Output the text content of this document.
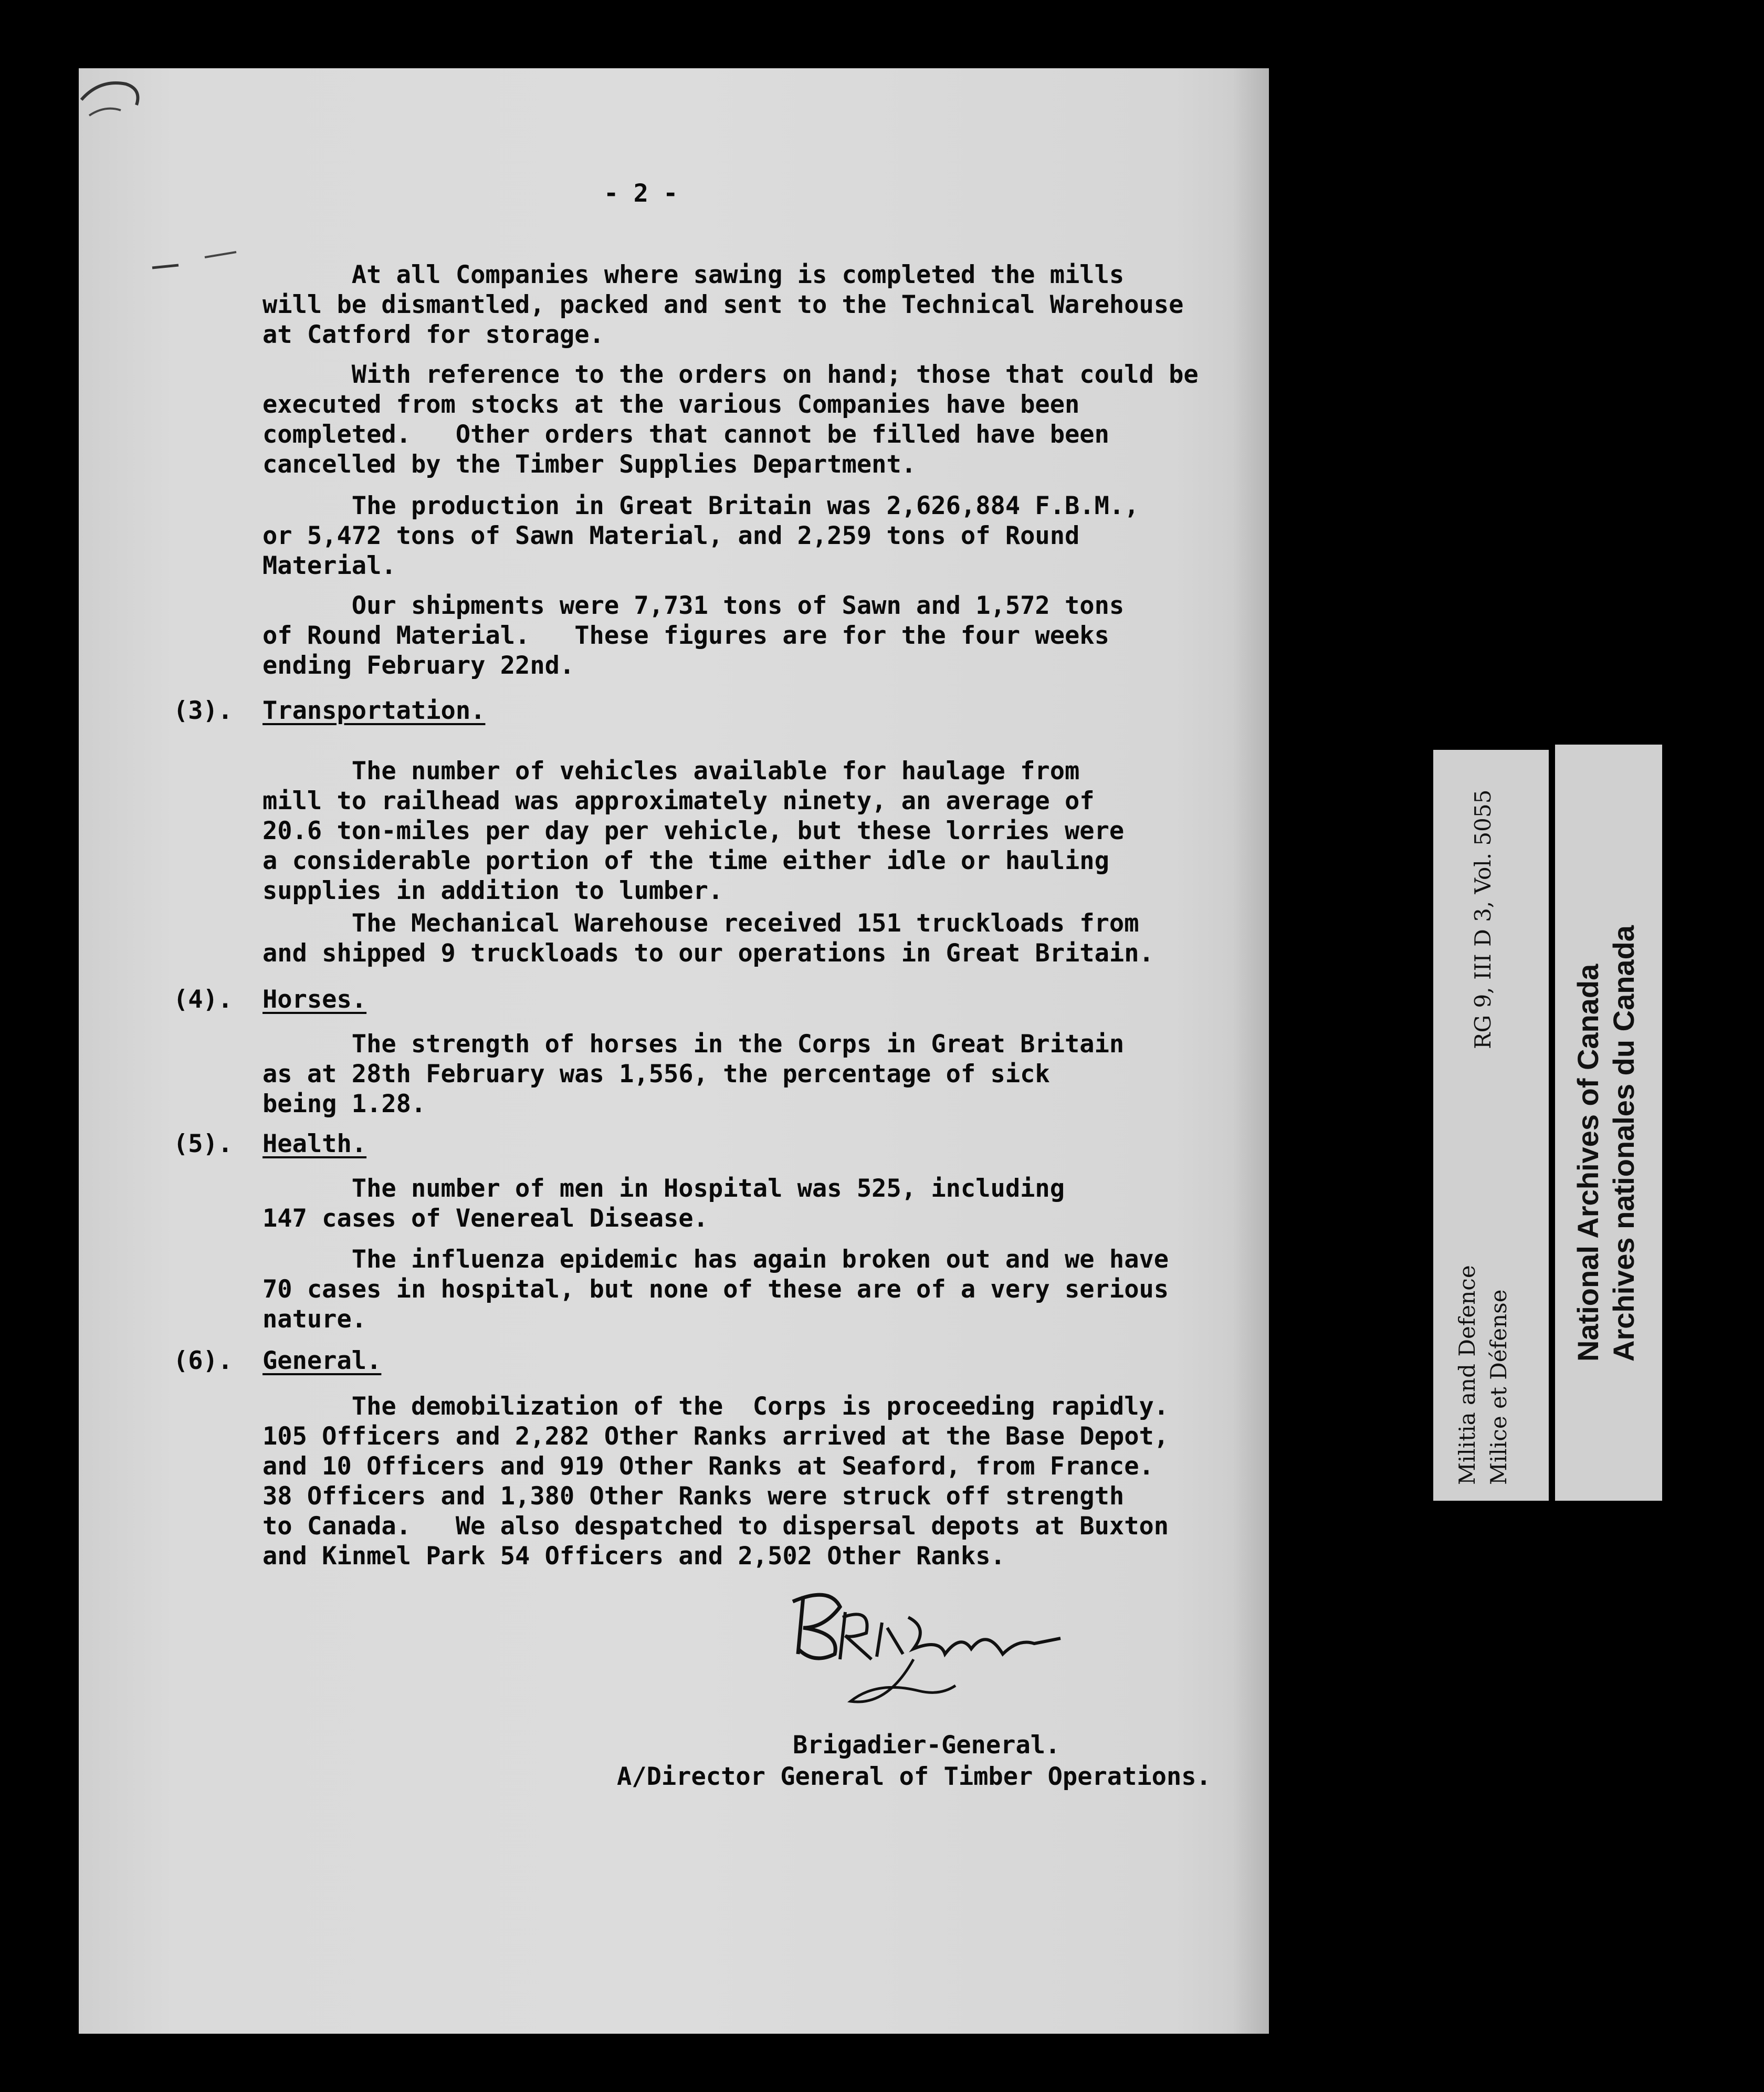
- 2 -
At all Companies where sawing is completed the mills
will be dismantled, packed and sent to the Technical Warehouse
at Catford for storage.
With reference to the orders on hand; those that could be
executed from stocks at the various Companies have been
completed.   Other orders that cannot be filled have been
cancelled by the Timber Supplies Department.
The production in Great Britain was 2,626,884 F.B.M.,
or 5,472 tons of Sawn Material, and 2,259 tons of Round
Material.
Our shipments were 7,731 tons of Sawn and 1,572 tons
of Round Material.   These figures are for the four weeks
ending February 22nd.
(3). Transportation.
The number of vehicles available for haulage from
mill to railhead was approximately ninety, an average of
20.6 ton-miles per day per vehicle, but these lorries were
a considerable portion of the time either idle or hauling
supplies in addition to lumber.
The Mechanical Warehouse received 151 truckloads from
and shipped 9 truckloads to our operations in Great Britain.
(4). Horses.
The strength of horses in the Corps in Great Britain
as at 28th February was 1,556, the percentage of sick
being 1.28.
(5). Health.
The number of men in Hospital was 525, including
147 cases of Venereal Disease.
The influenza epidemic has again broken out and we have
70 cases in hospital, but none of these are of a very serious
nature.
(6). General.
The demobilization of the  Corps is proceeding rapidly.
105 Officers and 2,282 Other Ranks arrived at the Base Depot,
and 10 Officers and 919 Other Ranks at Seaford, from France.
38 Officers and 1,380 Other Ranks were struck off strength
to Canada.   We also despatched to dispersal depots at Buxton
and Kinmel Park 54 Officers and 2,502 Other Ranks.
Brigadier-General.
A/Director General of Timber Operations.
Militia and Defence Milice et Défense
RG 9, III D 3, Vol. 5055
National Archives of Canada Archives nationales du Canada
